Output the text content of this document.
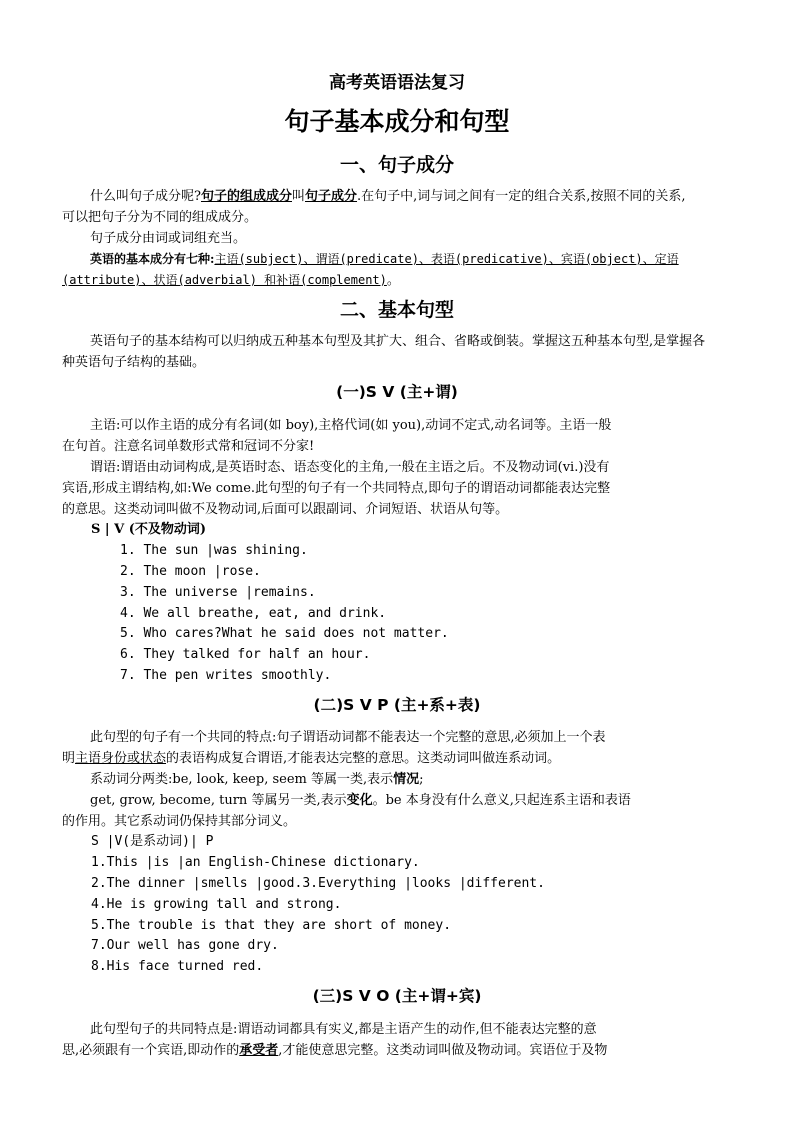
高考英语语法复习
句子基本成分和句型
一、句子成分
什么叫句子成分呢?句子的组成成分叫句子成分.在句子中,词与词之间有一定的组合关系,按照不同的关系,
可以把句子分为不同的组成成分。
句子成分由词或词组充当。
英语的基本成分有七种:主语(subject)、谓语(predicate)、表语(predicative)、宾语(object)、定语
(attribute)、状语(adverbial) 和补语(complement)。
二、基本句型
英语句子的基本结构可以归纳成五种基本句型及其扩大、组合、省略或倒装。掌握这五种基本句型,是掌握各
种英语句子结构的基础。
(一)S V (主+谓)
主语:可以作主语的成分有名词(如 boy),主格代词(如 you),动词不定式,动名词等。主语一般
在句首。注意名词单数形式常和冠词不分家!
谓语:谓语由动词构成,是英语时态、语态变化的主角,一般在主语之后。不及物动词(vi.)没有
宾语,形成主谓结构,如:We come.此句型的句子有一个共同特点,即句子的谓语动词都能表达完整
的意思。这类动词叫做不及物动词,后面可以跟副词、介词短语、状语从句等。
S | V (不及物动词)
1. The sun |was shining.
2. The moon |rose.
3. The universe |remains.
4. We all breathe, eat, and drink.
5. Who cares?What he said does not matter.
6. They talked for half an hour.
7. The pen writes smoothly.
(二)S V P (主+系+表)
此句型的句子有一个共同的特点:句子谓语动词都不能表达一个完整的意思,必须加上一个表
明主语身份或状态的表语构成复合谓语,才能表达完整的意思。这类动词叫做连系动词。
系动词分两类:be, look, keep, seem 等属一类,表示情况;
get, grow, become, turn 等属另一类,表示变化。be 本身没有什么意义,只起连系主语和表语
的作用。其它系动词仍保持其部分词义。
S |V(是系动词)| P
1.This |is |an English-Chinese dictionary.
2.The dinner |smells |good.3.Everything |looks |different.
4.He is growing tall and strong.
5.The trouble is that they are short of money.
7.Our well has gone dry.
8.His face turned red.
(三)S V O (主+谓+宾)
此句型句子的共同特点是:谓语动词都具有实义,都是主语产生的动作,但不能表达完整的意
思,必须跟有一个宾语,即动作的承受者,才能使意思完整。这类动词叫做及物动词。宾语位于及物
